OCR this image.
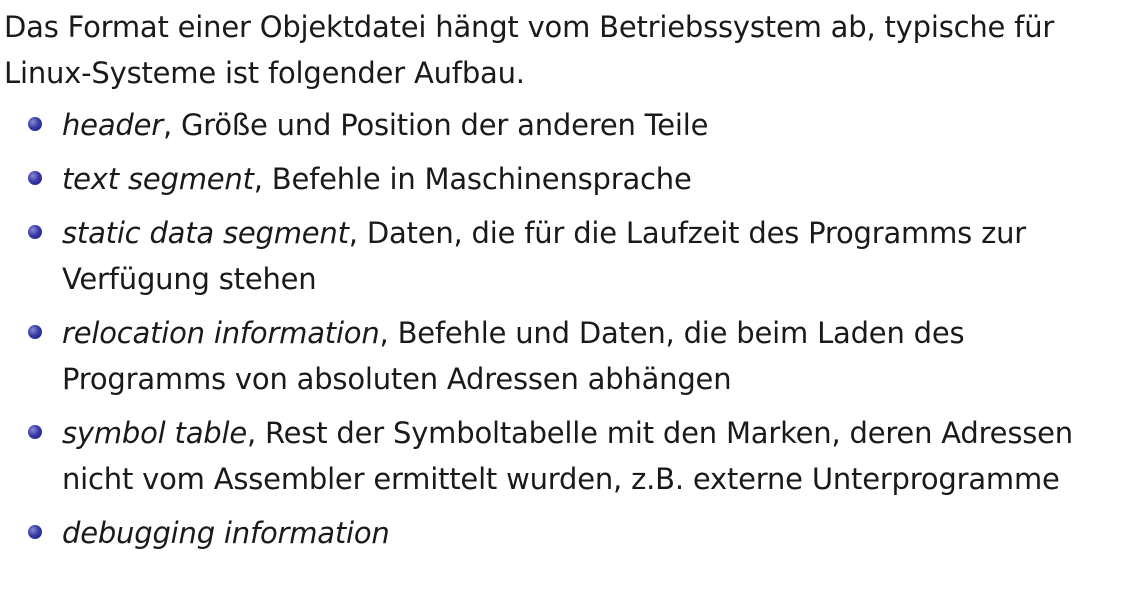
Das Format einer Objektdatei hängt vom Betriebssystem ab, typische für Linux-Systeme ist folgender Aufbau.

header, Größe und Position der anderen Teile
text segment, Befehle in Maschinensprache
static data segment, Daten, die für die Laufzeit des Programms zur Verfügung stehen
relocation information, Befehle und Daten, die beim Laden des Programms von absoluten Adressen abhängen
symbol table, Rest der Symboltabelle mit den Marken, deren Adressen nicht vom Assembler ermittelt wurden, z.B. externe Unterprogramme
debugging information
